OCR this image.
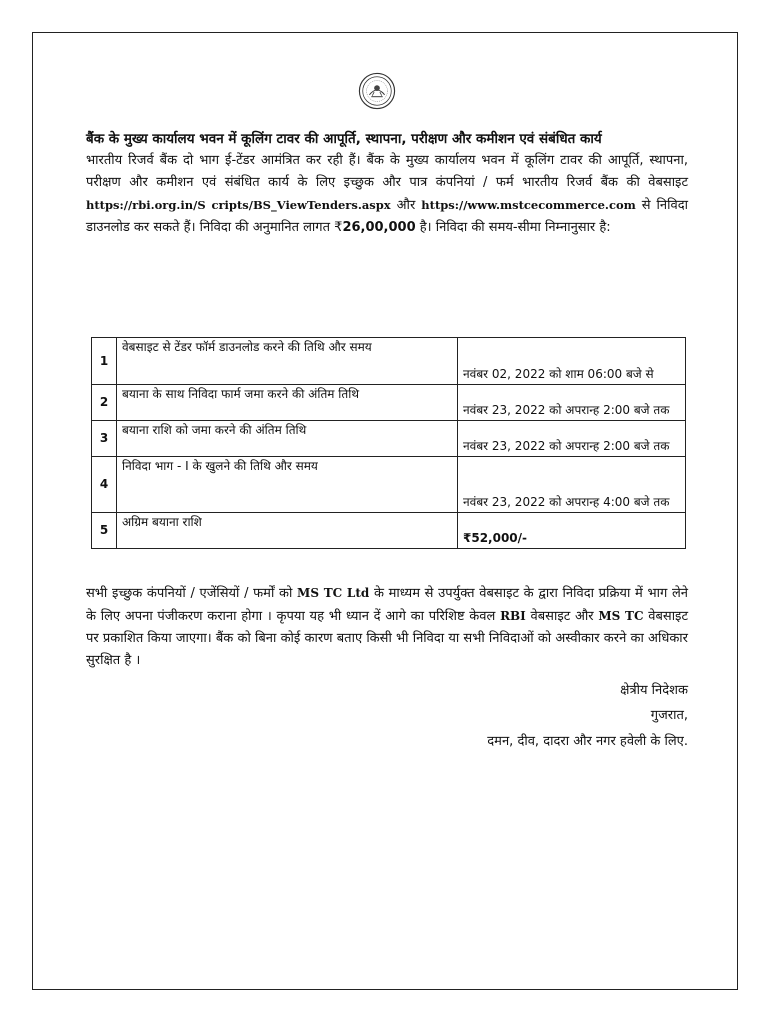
बैंक के मुख्य कार्यालय भवन में कूलिंग टावर की आपूर्ति, स्थापना, परीक्षण और कमीशन एवं संबंधित कार्य

भारतीय रिजर्व बैंक दो भाग ई-टेंडर आमंत्रित कर रही हैं। बैंक के मुख्य कार्यालय भवन में कूलिंग टावर की आपूर्ति, स्थापना, परीक्षण और कमीशन एवं संबंधित कार्य के लिए इच्छुक और पात्र कंपनियां / फर्म भारतीय रिजर्व बैंक की वेबसाइट https://rbi.org.in/S cripts/BS_ViewTenders.aspx और https://www.mstcecommerce.com से निविदा डाउनलोड कर सकते हैं। निविदा की अनुमानित लागत ₹26,00,000 है। निविदा की समय-सीमा निम्नानुसार है:

1	वेबसाइट से टेंडर फॉर्म डाउनलोड करने की तिथि और समय	नवंबर 02, 2022 को शाम 06:00 बजे से
2	बयाना के साथ निविदा फार्म जमा करने की अंतिम तिथि	नवंबर 23, 2022 को अपरान्ह 2:00 बजे तक
3	बयाना राशि को जमा करने की अंतिम तिथि	नवंबर 23, 2022 को अपरान्ह 2:00 बजे तक
4	निविदा भाग - I के खुलने की तिथि और समय	नवंबर 23, 2022 को अपरान्ह 4:00 बजे तक
5	अग्रिम बयाना राशि	₹52,000/-

सभी इच्छुक कंपनियों / एजेंसियों / फर्मों को MS TC Ltd के माध्यम से उपर्युक्त वेबसाइट के द्वारा निविदा प्रक्रिया में भाग लेने के लिए अपना पंजीकरण कराना होगा । कृपया यह भी ध्यान दें आगे का परिशिष्ट केवल RBI वेबसाइट और MS TC वेबसाइट पर प्रकाशित किया जाएगा। बैंक को बिना कोई कारण बताए किसी भी निविदा या सभी निविदाओं को अस्वीकार करने का अधिकार सुरक्षित है ।

क्षेत्रीय निदेशक
गुजरात,
दमन, दीव, दादरा और नगर हवेली के लिए.
